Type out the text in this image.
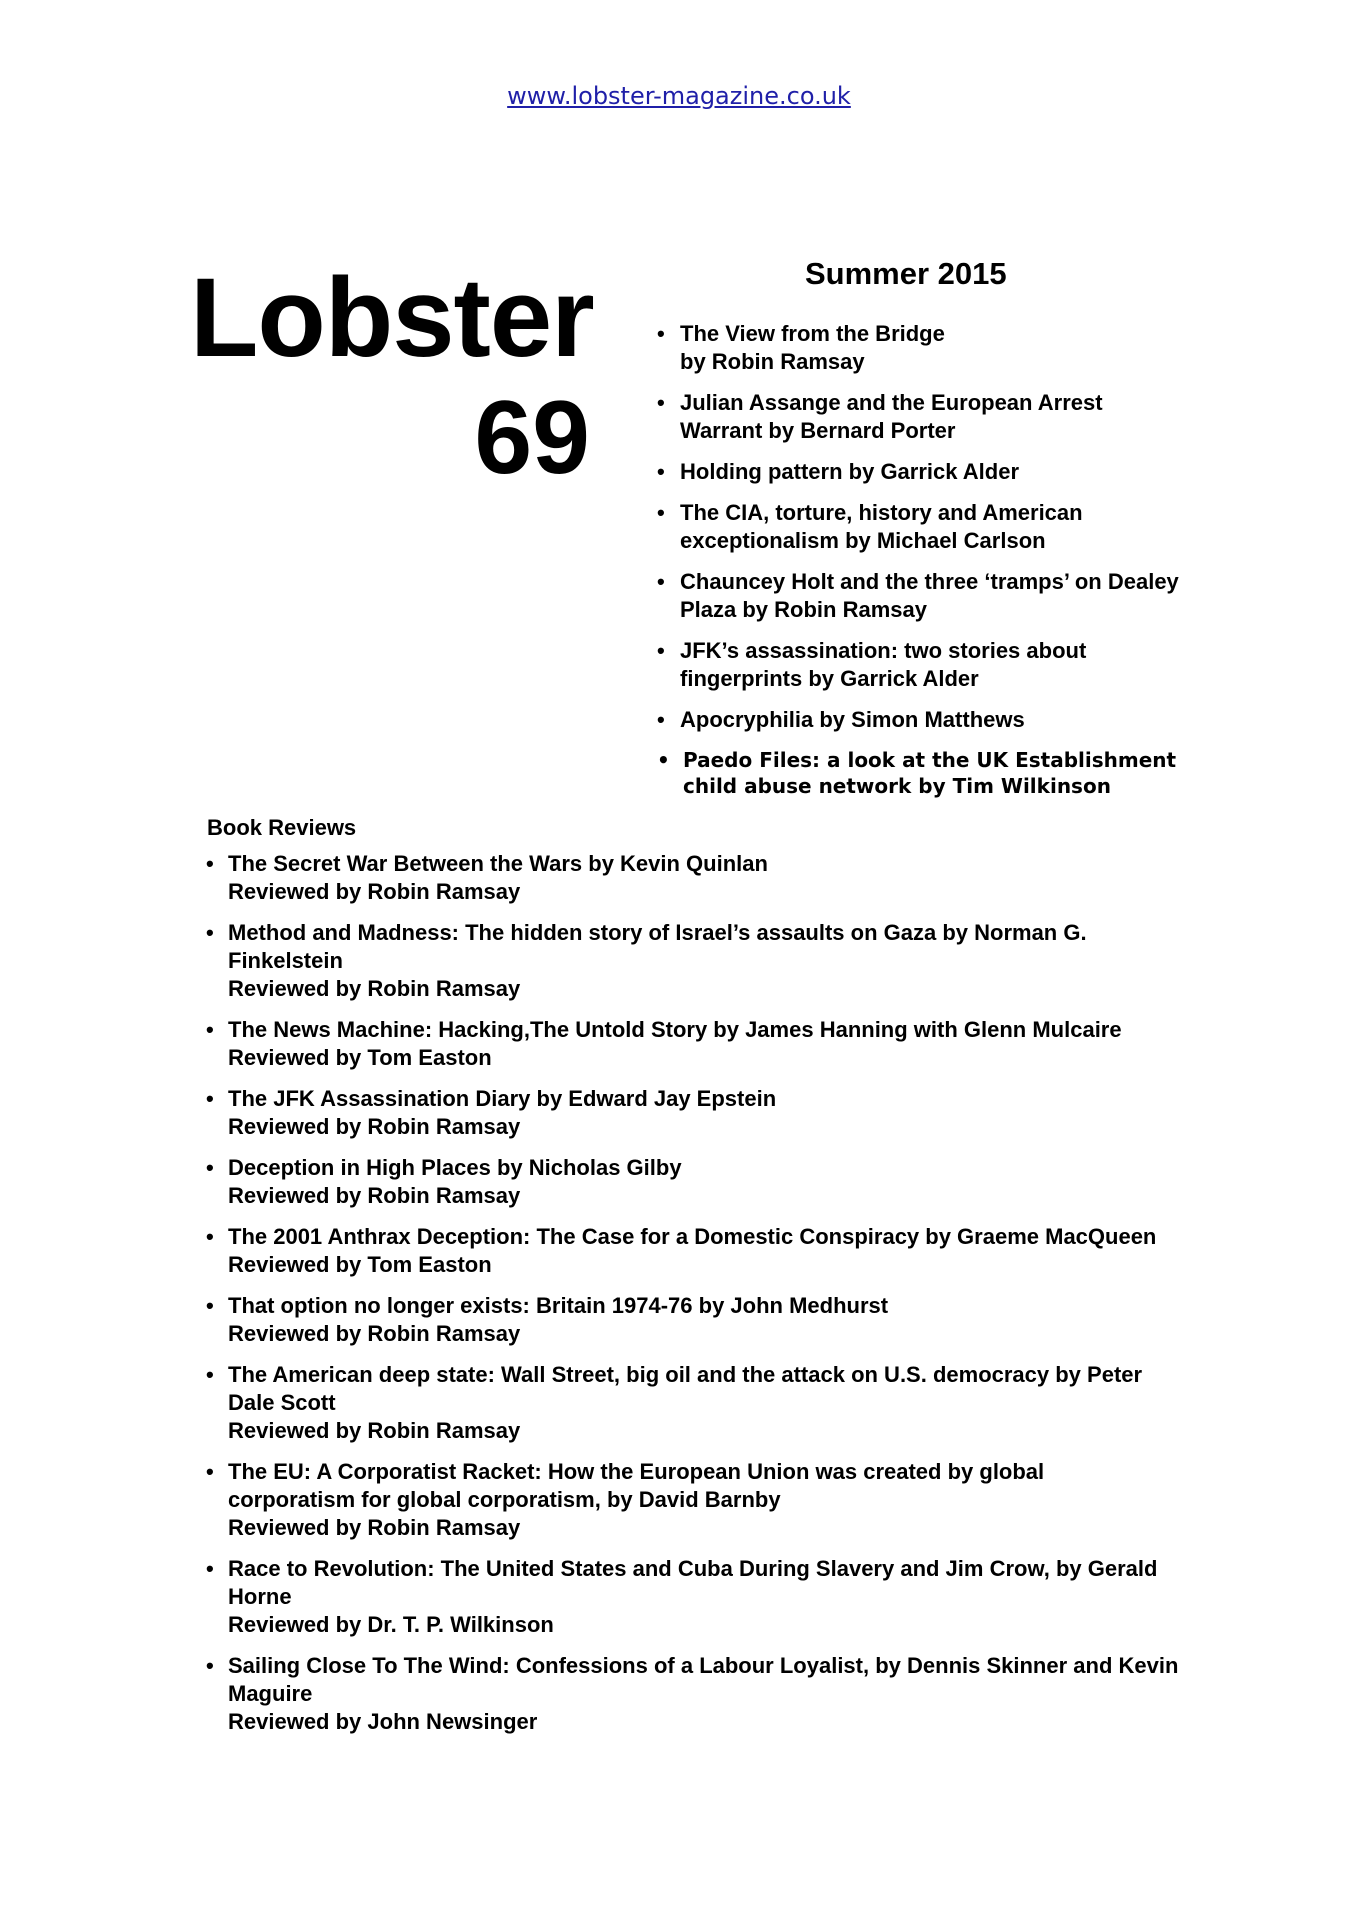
www.lobster-magazine.co.uk
Lobster
69
Summer 2015
• The View from the Bridge
by Robin Ramsay
• Julian Assange and the European Arrest Warrant by Bernard Porter
• Holding pattern by Garrick Alder
• The CIA, torture, history and American exceptionalism by Michael Carlson
• Chauncey Holt and the three ‘tramps’ on Dealey Plaza by Robin Ramsay
• JFK’s assassination: two stories about fingerprints by Garrick Alder
• Apocryphilia by Simon Matthews
• Paedo Files: a look at the UK Establishment child abuse network by Tim Wilkinson
Book Reviews
• The Secret War Between the Wars by Kevin Quinlan
Reviewed by Robin Ramsay
• Method and Madness: The hidden story of Israel’s assaults on Gaza by Norman G. Finkelstein
Reviewed by Robin Ramsay
• The News Machine: Hacking,The Untold Story by James Hanning with Glenn Mulcaire
Reviewed by Tom Easton
• The JFK Assassination Diary by Edward Jay Epstein
Reviewed by Robin Ramsay
• Deception in High Places by Nicholas Gilby
Reviewed by Robin Ramsay
• The 2001 Anthrax Deception: The Case for a Domestic Conspiracy by Graeme MacQueen
Reviewed by Tom Easton
• That option no longer exists: Britain 1974-76 by John Medhurst
Reviewed by Robin Ramsay
• The American deep state: Wall Street, big oil and the attack on U.S. democracy by Peter Dale Scott
Reviewed by Robin Ramsay
• The EU: A Corporatist Racket: How the European Union was created by global corporatism for global corporatism, by David Barnby
Reviewed by Robin Ramsay
• Race to Revolution: The United States and Cuba During Slavery and Jim Crow, by Gerald Horne
Reviewed by Dr. T. P. Wilkinson
• Sailing Close To The Wind: Confessions of a Labour Loyalist, by Dennis Skinner and Kevin Maguire
Reviewed by John Newsinger
